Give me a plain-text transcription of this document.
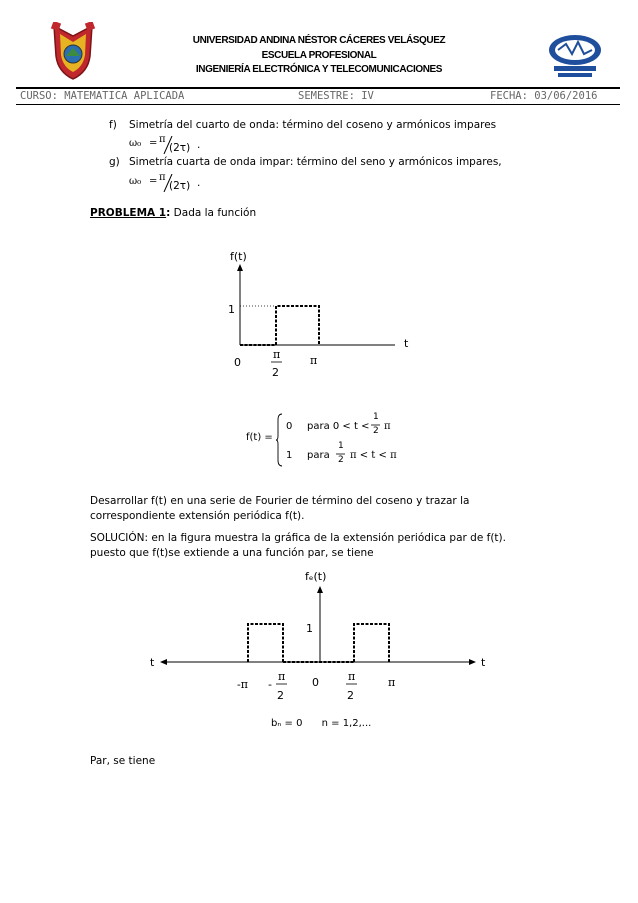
UNIVERSIDAD ANDINA NÉSTOR CÁCERES VELÁSQUEZ
ESCUELA PROFESIONAL
INGENIERÍA ELECTRÓNICA Y TELECOMUNICACIONES
CURSO: MATEMATICA APLICADA	SEMESTRE: IV	FECHA: 03/06/2016
f) Simetría del cuarto de onda: término del coseno y armónicos impares
ω₀ = π
(2τ) .
g) Simetría cuarta de onda impar: término del seno y armónicos impares,
ω₀ = π
(2τ) .
PROBLEMA 1: Dada la función
f(t)
t
1
0
π
2
π
f(t) =
0 para 0 < t <
1
2 π
1 para
1
2 π < t < π
Desarrollar f(t) en una serie de Fourier de término del coseno y trazar la
correspondiente extensión periódica f(t).
SOLUCIÓN: en la figura muestra la gráfica de la extensión periódica par de f(t).
puesto que f(t)se extiende a una función par, se tiene
fₑ(t)
t	t
1
-π -
π
2
0	π
2
π
bₙ = 0 n = 1,2,...
Par, se tiene
